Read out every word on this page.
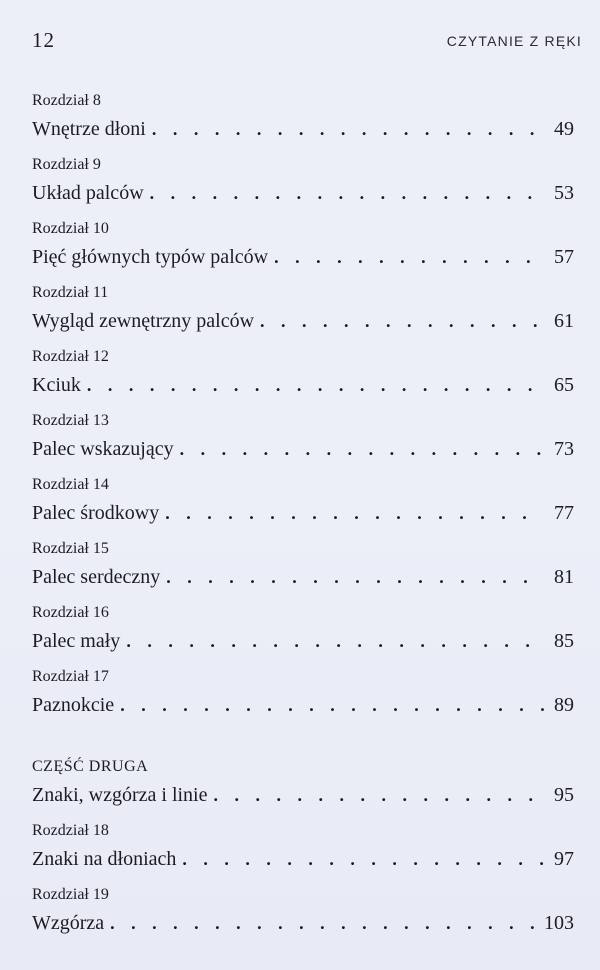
12	CZYTANIE Z RĘKI
Rozdział 8
Wnętrze dłoni . . .	49
Rozdział 9
Układ palców . . .	53
Rozdział 10
Pięć głównych typów palców . . .	57
Rozdział 11
Wygląd zewnętrzny palców . . .	61
Rozdział 12
Kciuk . . .	65
Rozdział 13
Palec wskazujący . . .	73
Rozdział 14
Palec środkowy . . .	77
Rozdział 15
Palec serdeczny . . .	81
Rozdział 16
Palec mały . . .	85
Rozdział 17
Paznokcie . . .	89
CZĘŚĆ DRUGA
Znaki, wzgórza i linie . . .	95
Rozdział 18
Znaki na dłoniach . . .	97
Rozdział 19
Wzgórza . . .	103
